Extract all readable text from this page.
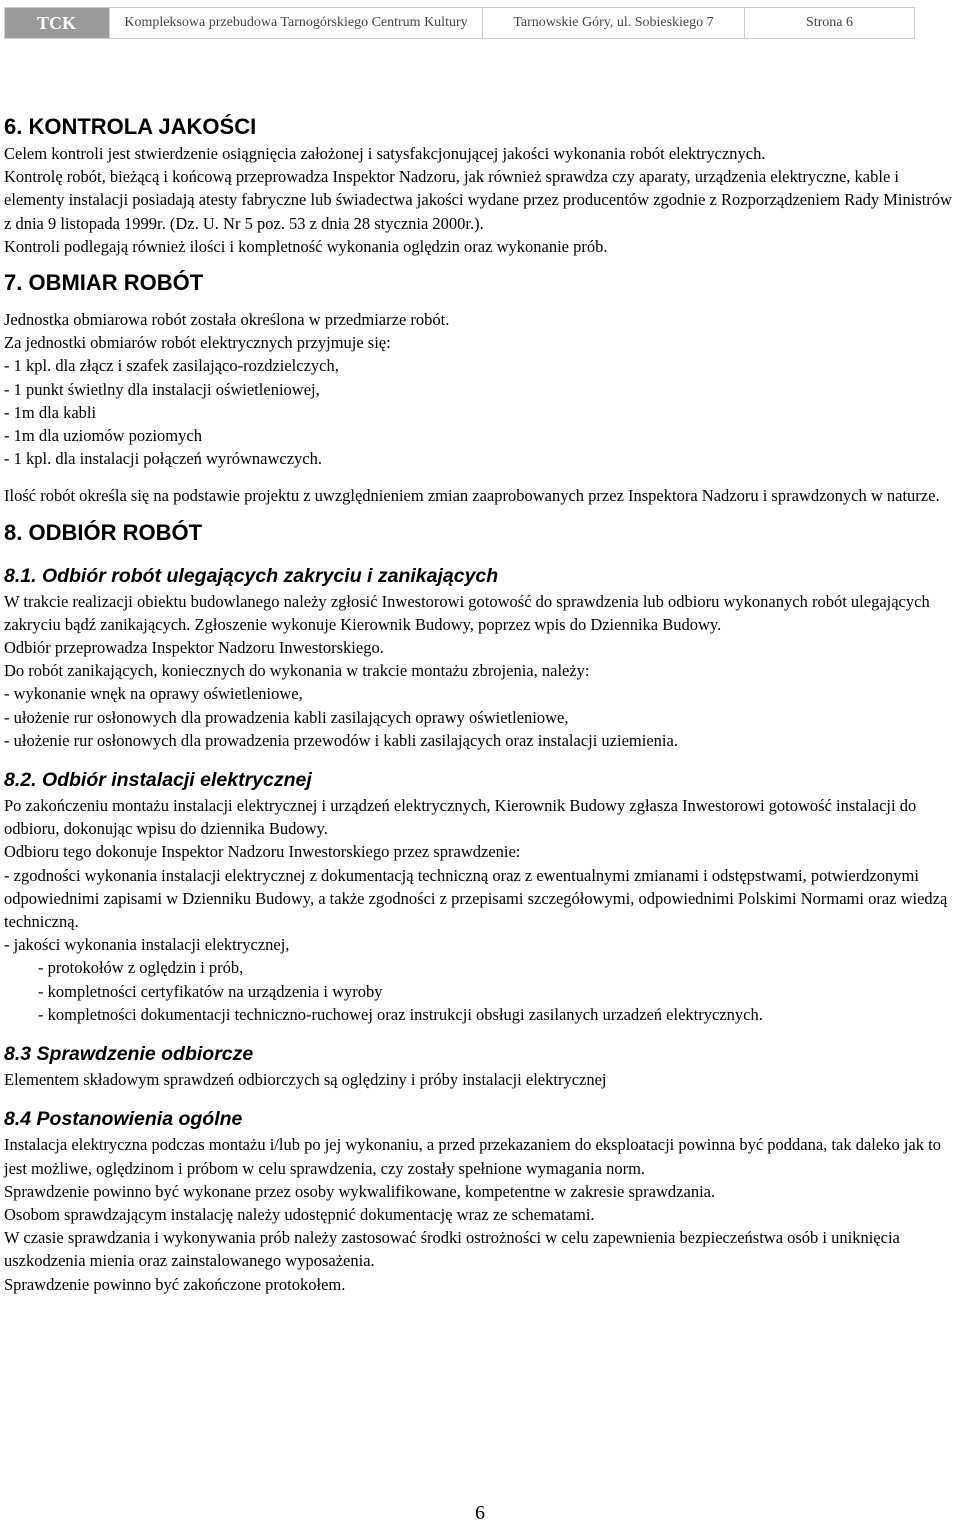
TCK	Kompleksowa przebudowa Tarnogórskiego Centrum Kultury	Tarnowskie Góry, ul. Sobieskiego 7	Strona 6
6. KONTROLA JAKOŚCI

Celem kontroli jest stwierdzenie osiągnięcia założonej i satysfakcjonującej jakości wykonania robót elektrycznych.

Kontrolę robót, bieżącą i końcową przeprowadza Inspektor Nadzoru, jak również sprawdza czy aparaty, urządzenia elektryczne, kable i elementy instalacji posiadają atesty fabryczne lub świadectwa jakości wydane przez producentów zgodnie z Rozporządzeniem Rady Ministrów z dnia 9 listopada 1999r. (Dz. U. Nr 5 poz. 53 z dnia 28 stycznia 2000r.).

Kontroli podlegają również ilości i kompletność wykonania oględzin oraz wykonanie prób.

7. OBMIAR ROBÓT

Jednostka obmiarowa robót została określona w przedmiarze robót.

Za jednostki obmiarów robót elektrycznych przyjmuje się:

- 1 kpl. dla złącz i szafek zasilająco-rozdzielczych,

- 1 punkt świetlny dla instalacji oświetleniowej,

- 1m dla kabli

- 1m dla uziomów poziomych

- 1 kpl. dla instalacji połączeń wyrównawczych.

Ilość robót określa się na podstawie projektu z uwzględnieniem zmian zaaprobowanych przez Inspektora Nadzoru i sprawdzonych w naturze.

8. ODBIÓR ROBÓT
8.1. Odbiór robót ulegających zakryciu i zanikających

W trakcie realizacji obiektu budowlanego należy zgłosić Inwestorowi gotowość do sprawdzenia lub odbioru wykonanych robót ulegających zakryciu bądź zanikających. Zgłoszenie wykonuje Kierownik Budowy, poprzez wpis do Dziennika Budowy.

Odbiór przeprowadza Inspektor Nadzoru Inwestorskiego.

Do robót zanikających, koniecznych do wykonania w trakcie montażu zbrojenia, należy:

- wykonanie wnęk na oprawy oświetleniowe,

- ułożenie rur osłonowych dla prowadzenia kabli zasilających oprawy oświetleniowe,

- ułożenie rur osłonowych dla prowadzenia przewodów i kabli zasilających oraz instalacji uziemienia.

8.2. Odbiór instalacji elektrycznej

Po zakończeniu montażu instalacji elektrycznej i urządzeń elektrycznych, Kierownik Budowy zgłasza Inwestorowi gotowość instalacji do odbioru, dokonując wpisu do dziennika Budowy.

Odbioru tego dokonuje Inspektor Nadzoru Inwestorskiego przez sprawdzenie:

- zgodności wykonania instalacji elektrycznej z dokumentacją techniczną oraz z ewentualnymi zmianami i odstępstwami, potwierdzonymi odpowiednimi zapisami w Dzienniku Budowy, a także zgodności z przepisami szczegółowymi, odpowiednimi Polskimi Normami oraz wiedzą techniczną.

- jakości wykonania instalacji elektrycznej,

- protokołów z oględzin i prób,

- kompletności certyfikatów na urządzenia i wyroby

- kompletności dokumentacji techniczno-ruchowej oraz instrukcji obsługi zasilanych urzadzeń elektrycznych.

8.3 Sprawdzenie odbiorcze

Elementem składowym sprawdzeń odbiorczych są oględziny i próby instalacji elektrycznej

8.4 Postanowienia ogólne

Instalacja elektryczna podczas montażu i/lub po jej wykonaniu, a przed przekazaniem do eksploatacji powinna być poddana, tak daleko jak to jest możliwe, oględzinom i próbom w celu sprawdzenia, czy zostały spełnione wymagania norm.

Sprawdzenie powinno być wykonane przez osoby wykwalifikowane, kompetentne w zakresie sprawdzania.

Osobom sprawdzającym instalację należy udostępnić dokumentację wraz ze schematami.

W czasie sprawdzania i wykonywania prób należy zastosować środki ostrożności w celu zapewnienia bezpieczeństwa osób i uniknięcia uszkodzenia mienia oraz zainstalowanego wyposażenia.

Sprawdzenie powinno być zakończone protokołem.

6
